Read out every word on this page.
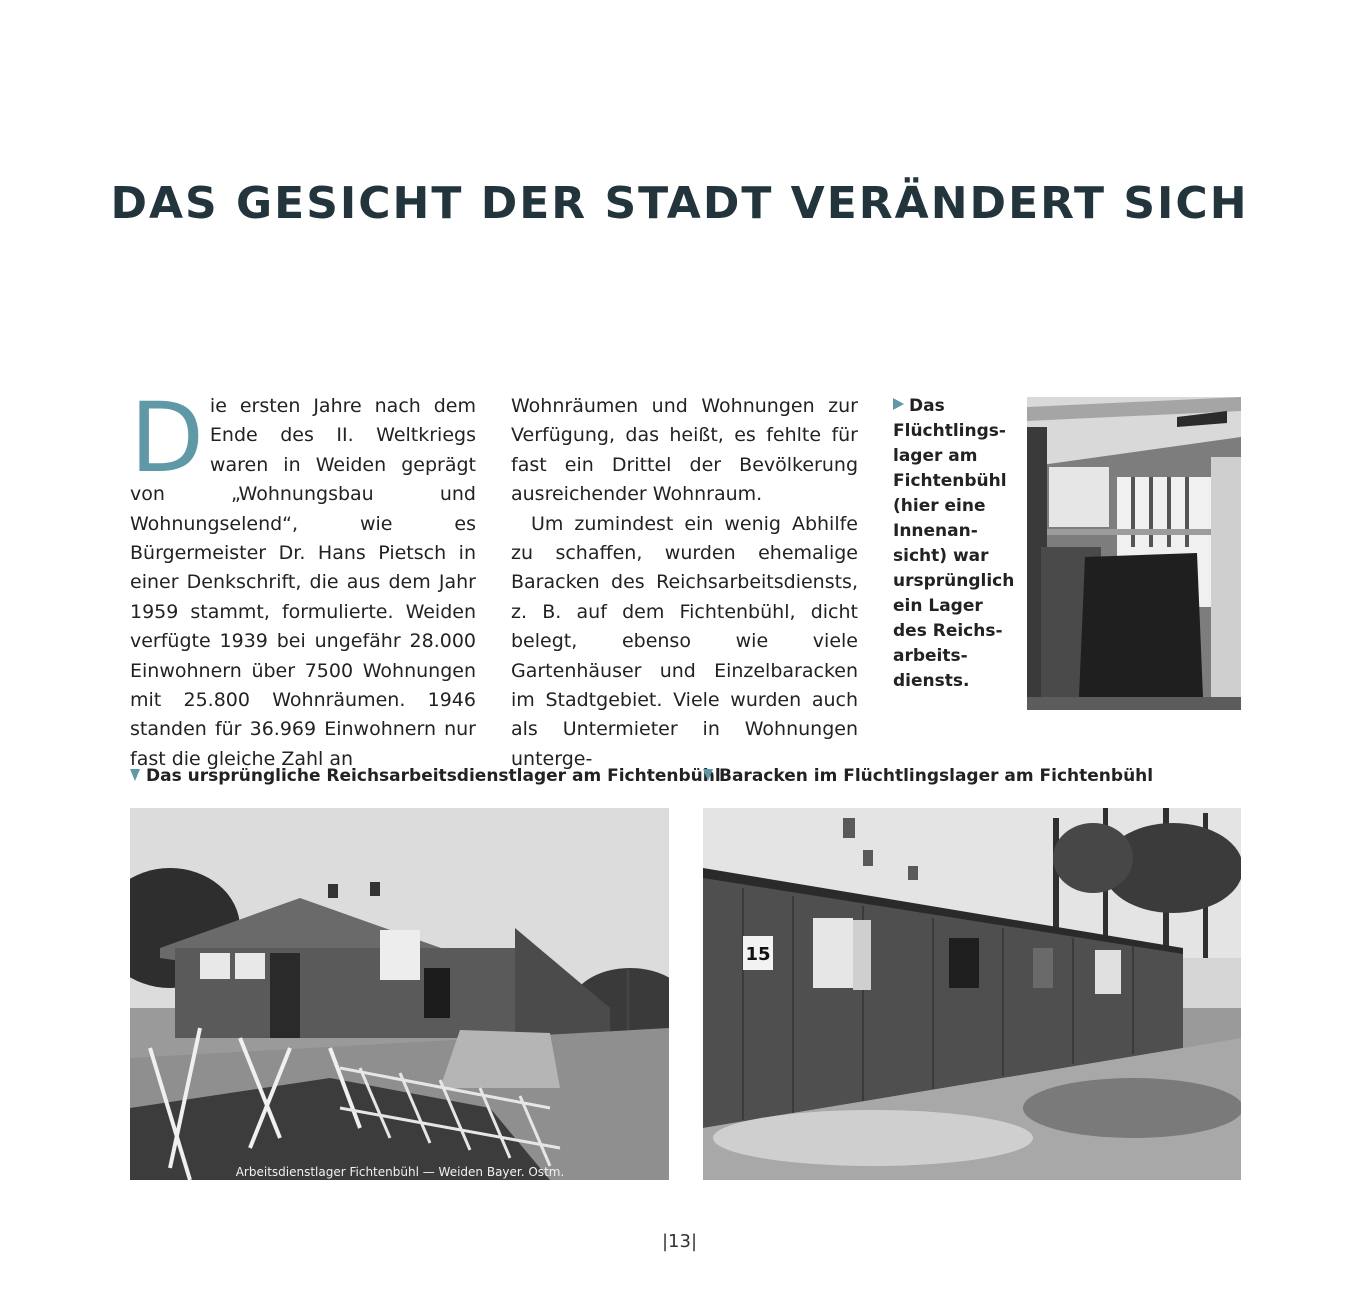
DAS GESICHT DER STADT VERÄNDERT SICH
D ie ersten Jahre nach dem Ende des II. Weltkriegs waren in Weiden geprägt von „Wohnungsbau und Wohnungselend“, wie es Bürgermeister Dr. Hans Pietsch in einer Denkschrift, die aus dem Jahr 1959 stammt, formulierte. Weiden verfügte 1939 bei ungefähr 28.000 Einwohnern über 7500 Wohnungen mit 25.800 Wohnräumen. 1946 standen für 36.969 Einwohnern nur fast die gleiche Zahl an

Wohnräumen und Wohnungen zur Verfügung, das heißt, es fehlte für fast ein Drittel der Bevölkerung ausreichender Wohnraum.

Um zumindest ein wenig Abhilfe zu schaffen, wurden ehemalige Baracken des Reichsarbeitsdiensts, z. B. auf dem Fichtenbühl, dicht belegt, ebenso wie viele Gartenhäuser und Einzelbaracken im Stadtgebiet. Viele wurden auch als Untermieter in Wohnungen unterge-

Das Flüchtlings-lager am Fichtenbühl (hier eine Innenan-sicht) war ursprünglich ein Lager des Reichs-arbeits-diensts.
Das ursprüngliche Reichsarbeitsdienstlager am Fichtenbühl
Baracken im Flüchtlingslager am Fichtenbühl
Arbeitsdienstlager Fichtenbühl — Weiden Bayer. Ostm.
15
|13|
